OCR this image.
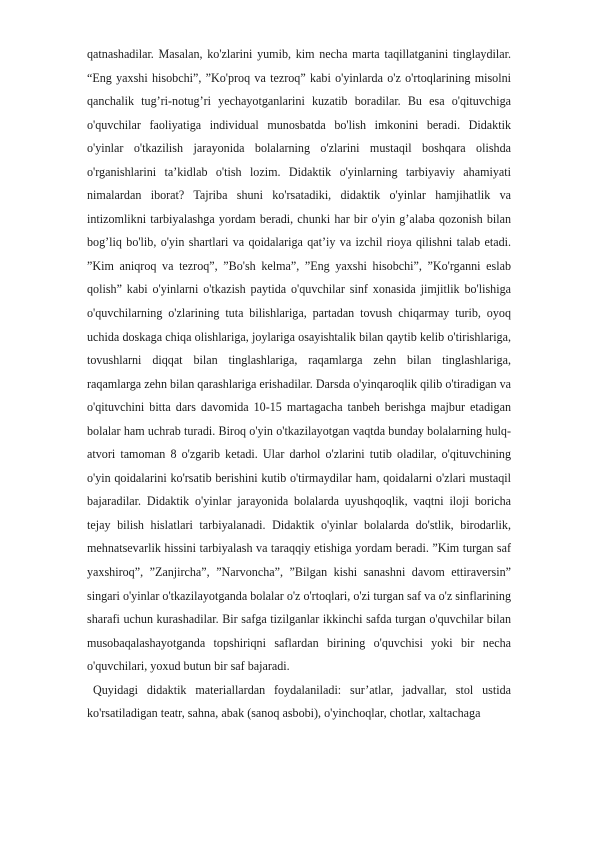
qatnashadilar. Masalan, ko'zlarini yumib, kim necha marta taqillatganini tinglaydilar. “Eng yaxshi hisobchi”, ”Ko'proq va tezroq” kabi o'yinlarda o'z o'rtoqlarining misolni qanchalik tug’ri-notug’ri yechayotganlarini kuzatib boradilar. Bu esa o'qituvchiga o'quvchilar faoliyatiga individual munosbatda bo'lish imkonini beradi. Didaktik o'yinlar o'tkazilish jarayonida bolalarning o'zlarini mustaqil boshqara olishda o'rganishlarini ta’kidlab o'tish lozim. Didaktik o'yinlarning tarbiyaviy ahamiyati nimalardan iborat? Tajriba shuni ko'rsatadiki, didaktik o'yinlar hamjihatlik va intizomlikni tarbiyalashga yordam beradi, chunki har bir o'yin g’alaba qozonish bilan bog’liq bo'lib, o'yin shartlari va qoidalariga qat’iy va izchil rioya qilishni talab etadi. ”Kim aniqroq va tezroq”, ”Bo'sh kelma”, ”Eng yaxshi hisobchi”, ”Ko'rganni eslab qolish” kabi o'yinlarni o'tkazish paytida o'quvchilar sinf xonasida jimjitlik bo'lishiga o'quvchilarning o'zlarining tuta bilishlariga, partadan tovush chiqarmay turib, oyoq uchida doskaga chiqa olishlariga, joylariga osayishtalik bilan qaytib kelib o'tirishlariga, tovushlarni diqqat bilan tinglashlariga, raqamlarga zehn bilan tinglashlariga, raqamlarga zehn bilan qarashlariga erishadilar. Darsda o'yinqaroqlik qilib o'tiradigan va o'qituvchini bitta dars davomida 10-15 martagacha tanbeh berishga majbur etadigan bolalar ham uchrab turadi. Biroq o'yin o'tkazilayotgan vaqtda bunday bolalarning hulq-atvori tamoman 8 o'zgarib ketadi. Ular darhol o'zlarini tutib oladilar, o'qituvchining o'yin qoidalarini ko'rsatib berishini kutib o'tirmaydilar ham, qoidalarni o'zlari mustaqil bajaradilar. Didaktik o'yinlar jarayonida bolalarda uyushqoqlik, vaqtni iloji boricha tejay bilish hislatlari tarbiyalanadi. Didaktik o'yinlar bolalarda do'stlik, birodarlik, mehnatsevarlik hissini tarbiyalash va taraqqiy etishiga yordam beradi. ”Kim turgan saf yaxshiroq”, ”Zanjircha”, ”Narvoncha”, ”Bilgan kishi sanashni davom ettiraversin” singari o'yinlar o'tkazilayotganda bolalar o'z o'rtoqlari, o'zi turgan saf va o'z sinflarining sharafi uchun kurashadilar. Bir safga tizilganlar ikkinchi safda turgan o'quvchilar bilan musobaqalashayotganda topshiriqni saflardan birining o'quvchisi yoki bir necha o'quvchilari, yoxud butun bir saf bajaradi.

Quyidagi didaktik materiallardan foydalaniladi: sur’atlar, jadvallar, stol ustida ko'rsatiladigan teatr, sahna, abak (sanoq asbobi), o'yinchoqlar, chotlar, xaltachaga
